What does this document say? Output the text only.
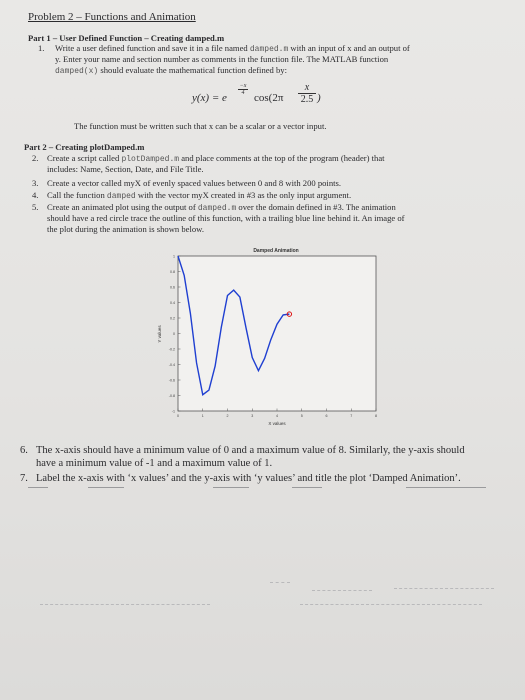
Problem 2 – Functions and Animation
Part 1 – User Defined Function – Creating damped.m
1. Write a user defined function and save it in a file named damped.m with an input of x and an output of
y. Enter your name and section number as comments in the function file. The MATLAB function
damped(x) should evaluate the mathematical function defined by:
y(x) = e
$\frac{-x}{4}$
$\cos(2\pi \frac{x}{2.5}$ )
The function must be written such that x can be a scalar or a vector input.
Part 2 – Creating plotDamped.m
2. Create a script called plotDamped.m and place comments at the top of the program (header) that
includes: Name, Section, Date, and File Title.
3. Create a vector called myX of evenly spaced values between 0 and 8 with 200 points.
4. Call the function damped with the vector myX created in #3 as the only input argument.
5. Create an animated plot using the output of damped.m over the domain defined in #3. The animation
should have a red circle trace the outline of this function, with a trailing blue line behind it. An image of
the plot during the animation is shown below.
Damped Animation
-1
-0.8
-0.6
-0.4
-0.2
0
0.2
0.4
0.6
0.8
1
0	1	2	3	4	5	6	7	8
X values
Y values
6. The x-axis should have a minimum value of 0 and a maximum value of 8. Similarly, the y-axis should
have a minimum value of -1 and a maximum value of 1.
7. Label the x-axis with ‘x values’ and the y-axis with ‘y values’ and title the plot ‘Damped Animation’.
